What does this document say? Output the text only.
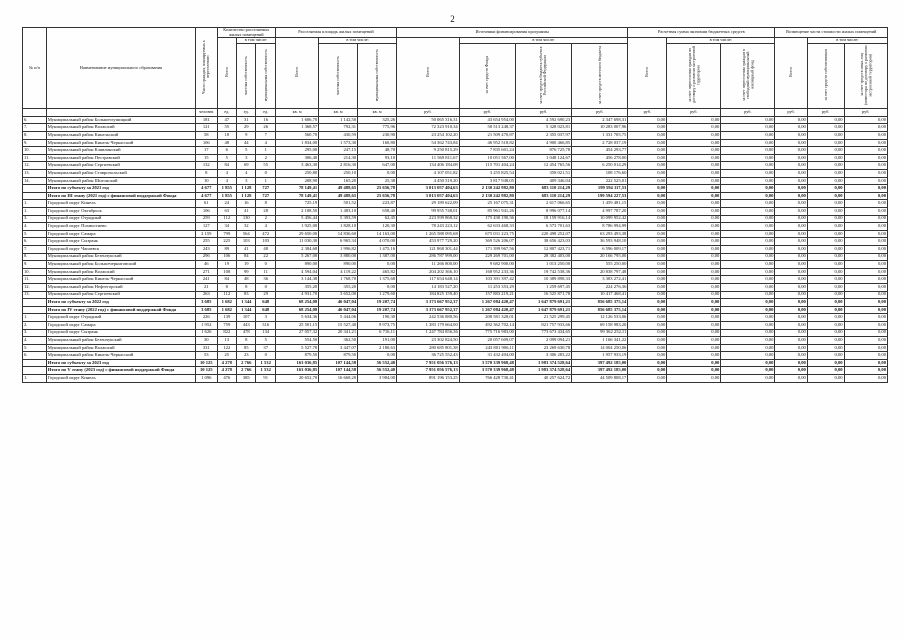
2
№ п/п	Наименование муниципального образования	Число граждан, планируемых к переселению	Количество расселяемых жилых помещений			Расселяемая площадь жилых помещений			Источники финансирования программы				Расчетная сумма экономии бюджетных средств			Возмещение части стоимости жилых помещений		
			Всего	в том числе:		Всего	в том числе:		Всего	в том числе:			Всего	в том числе:		Всего	в том числе:	
				частная собственность	муниципальная собственность		частная собственность	муниципальная собственность		за счет средств Фонда	за счет средств бюджета субъекта Российской Федерации	за счет средств местного бюджета		за счет переселения граждан по договору о развитии застроенной территории	за счет переселения граждан в свободный муниципальный жилищный фонд		за счет средств собственников	за счет средств иных лиц (инвестора по договору о развитии застроенной территории)
		человек	ед.	ед.	ед.	кв. м	кв. м	кв. м	руб.	руб.	руб.	руб.	руб.	руб.	руб.	руб.	руб.	руб.
6.	Муниципальный район Большеглушицкий	181	47	31	16	1 606,70	1 142,50	325,26	50 065 316,31	43 654 954,00	4 592 690,23	2 347 698,31	0,00	0,00	0,00	0,00	0,00	0,00
7.	Муниципальный район Волжский	121	55	29	26	1 368,57	792,31	775,96	72 323 910,34	50 513 248,37	5 328 023,81	10 283 007,96	0,00	0,00	0,00	0,00	0,00	0,00
8.	Муниципальный район Кинельский	58	18	9	7	560,70	430,59	230,90	23 254 102,20	21 509 470,87	2 355 037,97	1 331 705,75	0,00	0,00	0,00	0,00	0,00	0,00
9.	Муниципальный район Кинель-Черкасский	106	48	44	4	1 834,00	1 573,30	160,80	54 362 743,84	46 952 518,82	4 900 466,85	2 728 037,19	0,00	0,00	0,00	0,00	0,00	0,00
10.	Муниципальный район Клявлинский	17	6	5	1	295,00	247,15	48,70	9 250 815,29	7 835 601,24	876 725,78	454 293,77	0,00	0,00	0,00	0,00	0,00	0,00
11.	Муниципальный район Пестравский	15	5	3	2	306,40	214,30	93,10	11 569 811,67	10 051 567,00	1 048 124,67	456 278,00	0,00	0,00	0,00	0,00	0,00	0,00
12.	Муниципальный район Сергиевский	132	84	69	55	3 463,30	2 816,30	647,00	134 406 184,08	115 701 404,24	12 454 765,56	6 250 014,29	0,00	0,00	0,00	0,00	0,00	0,00
13.	Муниципальный район Ставропольский	8	4	4	0	250,80	250,10	0,00	4 107 051,82	3 255 825,54	358 021,51	108 176,60	0,00	0,00	0,00	0,00	0,00	0,00
14.	Муниципальный район Шигонский	10	4	3	1	208,90	165,20	25,38	4 450 519,20	3 817 948,05	409 346,04	222 525,01	0,00	0,00	0,00	0,00	0,00	0,00
	Итого по субъекту за 2021 год	4 677	1 855	1 128	727	78 149,41	49 488,65	25 656,78	3 013 057 404,63	2 130 242 982,80	683 110 214,29	199 594 117,53	0,00	0,00	0,00	0,00	0,00	0,00
	Итого по III этапу (2021 год) с финансовой поддержкой Фонда	4 677	1 855	1 128	727	78 149,41	49 488,65	25 656,78	3 013 057 404,63	2 130 242 982,80	683 110 214,29	199 594 227,53	0,00	0,00	0,00	0,00	0,00	0,00
1.	Городской округ Кинель	61	24	16	8	725,19	501,52	223,87	29 189 622,09	25 167 075,31	2 617 066,65	1 459 481,15	0,00	0,00	0,00	0,00	0,00	0,00
1.	Городской округ Октябрьск	106	63	41	28	2 108,50	1 483,10	658,40	99 955 748,01	85 961 941,26	8 996 077,14	4 997 787,20	0,00	0,00	0,00	0,00	0,00	0,00
3.	Городской округ Отрадный	259	112	130	2	5 456,44	5 393,59	62,45	223 599 868,32	175 430 190,36	18 159 916,14	10 099 952,42	0,00	0,00	0,00	0,00	0,00	0,00
4.	Городской округ Похвистнево	127	34	32	4	1 925,00	1 828,10	120,30	78 243 223,12	62 633 468,33	6 573 701,63	8 786 994,99	0,00	0,00	0,00	0,00	0,00	0,00
5.	Городской округ Самара	2 159	799	564	472	29 650,00	14 836,60	14 163,00	1 265 588 095,68	675 031 223,75	220 498 252,07	63 293 493,38	0,00	0,00	0,00	0,00	0,00	0,00
6.	Городской округ Сызрань	255	225	103	103	11 030,30	6 965,34	4 070,00	453 977 729,20	369 526 206,07	38 656 423,03	36 593 948,10	0,00	0,00	0,00	0,00	0,00	0,00
7.	Городской округ Чапаевск	243	89	41	48	2 384,68	1 996,82	1 475,16	121 868 301,44	171 399 967,56	12 807 423,71	6 596 009,17	0,00	0,00	0,00	0,00	0,00	0,00
8.	Муниципальный район Безенчукский	296	106	84	22	5 267,00	3 880,00	1 387,00	286 787 999,00	229 269 701,00	28 382 403,00	20 166 795,00	0,00	0,00	0,00	0,00	0,00	0,00
9.	Муниципальный район Большечерниговский	46	19	19	0	890,00	890,00	0,00	11 266 800,00	9 682 900,00	1 013 250,00	555 250,00	0,00	0,00	0,00	0,00	0,00	0,00
10.	Муниципальный район Волжский	271	108	99	11	4 594,04	4 119,22	465,82	204 202 366,10	168 952 233,36	19 742 538,36	20 838 797,48	0,00	0,00	0,00	0,00	0,00	0,00
11.	Муниципальный район Кинель-Черкасский	241	84	48	36	3 144,38	1 768,70	1 375,68	117 654 648,14	103 391 397,42	10 389 898,33	3 383 272,41	0,00	0,00	0,00	0,00	0,00	0,00
12.	Муниципальный район Нефтегорский	21	8	8	0	355,20	355,20	0,00	14 183 527,20	11 253 353,29	1 259 697,45	224 276,36	0,00	0,00	0,00	0,00	0,00	0,00
13.	Муниципальный район Сергиевский	263	112	83	29	4 931,70	3 652,00	1 279,60	184 825 159,40	157 883 219,21	16 525 871,78	10 417 468,41	0,00	0,00	0,00	0,00	0,00	0,00
	Итого по субъекту за 2022 год	3 685	1 682	1 344	648	68 254,08	46 047,04	19 207,74	3 173 667 952,37	1 267 084 420,47	1 647 879 691,21	856 685 375,14	0,00	0,00	0,00	0,00	0,00	0,00
	Итого по IV этапу (2022 год) с финансовой поддержкой Фонда	3 685	1 682	1 344	648	68 254,08	46 047,04	19 207,74	3 173 667 952,37	1 267 084 420,47	1 647 879 691,21	856 685 375,14	0,00	0,00	0,00	0,00	0,00	0,00
1.	Городской округ Отрадный	226	139	107	3	5 634,36	5 444,06	190,30	242 536 880,56	208 581 328,01	21 525 299,45	12 126 533,06	0,00	0,00	0,00	0,00	0,00	0,00
2.	Городской округ Самара	1 952	759	443	316	25 501,15	15 527,40	9 973,75	1 383 179 664,00	492 362 702,14	821 757 933,66	69 158 983,20	0,00	0,00	0,00	0,00	0,00	0,00
3.	Городской округ Сызрань	1 626	822	478	134	27 057,32	20 341,21	6 716,11	1 247 784 856,36	775 716 983,00	773 673 434,65	99 362 252,11	0,00	0,00	0,00	0,00	0,00	0,00
4.	Муниципальный район Безенчукский	30	13	8	5	554,50	362,50	191,00	23 302 824,50	20 057 609,07	2 099 094,21	1 166 341,22	0,00	0,00	0,00	0,00	0,00	0,00
5.	Муниципальный район Волжский	331	122	85	37	5 527,78	3 447,07	2 180,63	280 685 801,38	243 801 906,11	23 269 630,78	14 004 250,06	0,00	0,00	0,00	0,00	0,00	0,00
6.	Муниципальный район Кинель-Черкасский	53	25	23	0	879,50	879,50	0,00	36 725 552,43	31 432 404,00	3 306 283,22	1 957 933,19	0,00	0,00	0,00	0,00	0,00	0,00
	Итого по субъекту за 2023 год	10 125	4 278	2 766	1 532	163 036,85	107 144,58	56 552,40	7 951 056 576,13	3 570 339 968,48	1 983 374 528,64	397 492 185,00	0,00	0,00	0,00	0,00	0,00	0,00
	Итого по V этапу (2023 год) с финансовой поддержкой Фонда	10 125	4 278	2 766	1 532	163 036,85	107 144,58	56 552,40	7 951 056 576,13	3 570 339 968,48	1 983 374 528,64	397 492 185,00	0,00	0,00	0,00	0,00	0,00	0,00
1.	Городской округ Кинель	1 096	476	385	91	20 652,70	16 668,20	3 984,00	891 196 153,25	766 428 730,41	40 257 624,72	44 509 808,17	0,00	0,00	0,00	0,00	0,00	0,00
